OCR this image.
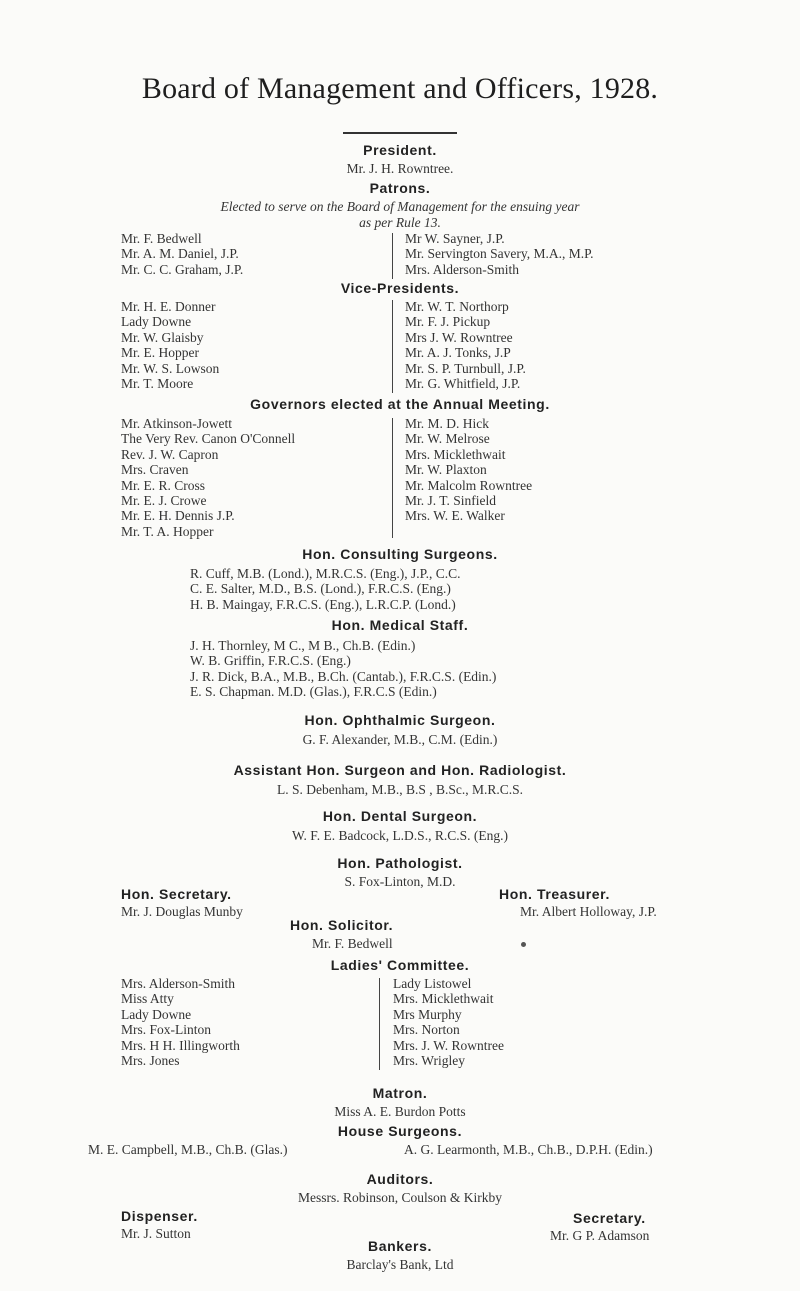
Board of Management and Officers, 1928.
President.
Mr. J. H. Rowntree.
Patrons.
Elected to serve on the Board of Management for the ensuing year
as per Rule 13.
Mr. F. Bedwell
Mr. A. M. Daniel, J.P.
Mr. C. C. Graham, J.P.
Mr W. Sayner, J.P.
Mr. Servington Savery, M.A., M.P.
Mrs. Alderson-Smith
Vice-Presidents.
Mr. H. E. Donner
Lady Downe
Mr. W. Glaisby
Mr. E. Hopper
Mr. W. S. Lowson
Mr. T. Moore
Mr. W. T. Northorp
Mr. F. J. Pickup
Mrs J. W. Rowntree
Mr. A. J. Tonks, J.P
Mr. S. P. Turnbull, J.P.
Mr. G. Whitfield, J.P.
Governors elected at the Annual Meeting.
Mr. Atkinson-Jowett
The Very Rev. Canon O'Connell
Rev. J. W. Capron
Mrs. Craven
Mr. E. R. Cross
Mr. E. J. Crowe
Mr. E. H. Dennis J.P.
Mr. T. A. Hopper
Mr. M. D. Hick
Mr. W. Melrose
Mrs. Micklethwait
Mr. W. Plaxton
Mr. Malcolm Rowntree
Mr. J. T. Sinfield
Mrs. W. E. Walker
Hon. Consulting Surgeons.
R. Cuff, M.B. (Lond.), M.R.C.S. (Eng.), J.P., C.C.
C. E. Salter, M.D., B.S. (Lond.), F.R.C.S. (Eng.)
H. B. Maingay, F.R.C.S. (Eng.), L.R.C.P. (Lond.)
Hon. Medical Staff.
J. H. Thornley, M C., M B., Ch.B. (Edin.)
W. B. Griffin, F.R.C.S. (Eng.)
J. R. Dick, B.A., M.B., B.Ch. (Cantab.), F.R.C.S. (Edin.)
E. S. Chapman. M.D. (Glas.), F.R.C.S (Edin.)
Hon. Ophthalmic Surgeon.
G. F. Alexander, M.B., C.M. (Edin.)
Assistant Hon. Surgeon and Hon. Radiologist.
L. S. Debenham, M.B., B.S , B.Sc., M.R.C.S.
Hon. Dental Surgeon.
W. F. E. Badcock, L.D.S., R.C.S. (Eng.)
Hon. Pathologist.
S. Fox-Linton, M.D.
Hon. Secretary.
Mr. J. Douglas Munby
Hon. Treasurer.
Mr. Albert Holloway, J.P.
Hon. Solicitor.
Mr. F. Bedwell
Ladies' Committee.
Mrs. Alderson-Smith
Miss Atty
Lady Downe
Mrs. Fox-Linton
Mrs. H H. Illingworth
Mrs. Jones
Lady Listowel
Mrs. Micklethwait
Mrs Murphy
Mrs. Norton
Mrs. J. W. Rowntree
Mrs. Wrigley
Matron.
Miss A. E. Burdon Potts
House Surgeons.
M. E. Campbell, M.B., Ch.B. (Glas.)	A. G. Learmonth, M.B., Ch.B., D.P.H. (Edin.)
Auditors.
Messrs. Robinson, Coulson & Kirkby
Dispenser.
Mr. J. Sutton
Secretary.
Mr. G P. Adamson
Bankers.
Barclay's Bank, Ltd
